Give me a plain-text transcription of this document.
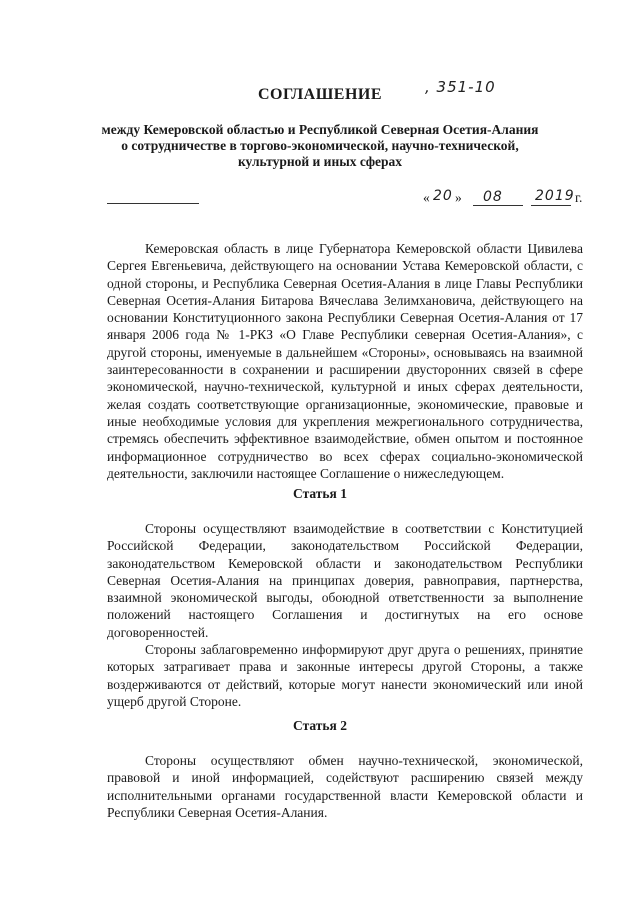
СОГЛАШЕНИЕ	, 351-10
между Кемеровской областью и Республикой Северная Осетия-Алания
о сотрудничестве в торгово-экономической, научно-технической,
культурной и иных сферах
« 20 » 08 2019 г.

Кемеровская область в лице Губернатора Кемеровской области Цивилева Сергея Евгеньевича, действующего на основании Устава Кемеровской области, с одной стороны, и Республика Северная Осетия-Алания в лице Главы Республики Северная Осетия-Алания Битарова Вячеслава Зелимхановича, действующего на основании Конституционного закона Республики Северная Осетия-Алания от 17 января 2006 года № 1-РКЗ «О Главе Республики северная Осетия-Алания», с другой стороны, именуемые в дальнейшем «Стороны», основываясь на взаимной заинтересованности в сохранении и расширении двусторонних связей в сфере экономической, научно-технической, культурной и иных сферах деятельности, желая создать соответствующие организационные, экономические, правовые и иные необходимые условия для укрепления межрегионального сотрудничества, стремясь обеспечить эффективное взаимодействие, обмен опытом и постоянное информационное сотрудничество во всех сферах социально-экономической деятельности, заключили настоящее Соглашение о нижеследующем.

Статья 1

Стороны осуществляют взаимодействие в соответствии с Конституцией Российской Федерации, законодательством Российской Федерации, законодательством Кемеровской области и законодательством Республики Северная Осетия-Алания на принципах доверия, равноправия, партнерства, взаимной экономической выгоды, обоюдной ответственности за выполнение положений настоящего Соглашения и достигнутых на его основе договоренностей.

Стороны заблаговременно информируют друг друга о решениях, принятие которых затрагивает права и законные интересы другой Стороны, а также воздерживаются от действий, которые могут нанести экономический или иной ущерб другой Стороне.

Статья 2

Стороны осуществляют обмен научно-технической, экономической, правовой и иной информацией, содействуют расширению связей между исполнительными органами государственной власти Кемеровской области и Республики Северная Осетия-Алания.
